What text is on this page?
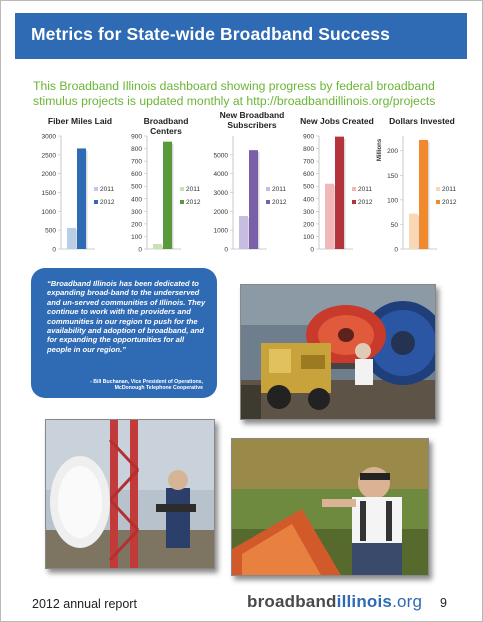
Metrics for State-wide Broadband Success
This Broadband Illinois dashboard showing progress by federal broadband stimulus projects is updated monthly at http://broadbandillinois.org/projects
Fiber Miles Laid
0
500
1000
1500
2000
2500
3000
2011
2012
Broadband Centers
0
100
200
300
400
500
600
700
800
900
2011
2012
New Broadband Subscribers
0
1000
2000
3000
4000
5000
2011
2012
New Jobs Created
0
100
200
300
400
500
600
700
800
900
2011
2012
Dollars Invested
0
50
100
150
200
Millions
2011
2012
“Broadband Illinois has been dedicated to expanding broad-band to the underserved and un-served communities of Illinois. They continue to work with the providers and communities in our region to push for the availability and adoption of broadband, and for expanding the opportunities for all people in our region.”
- Bill Buchanan, Vice President of Operations,
McDonough Telephone Cooperative
2012 annual report	broadbandillinois.org 9
